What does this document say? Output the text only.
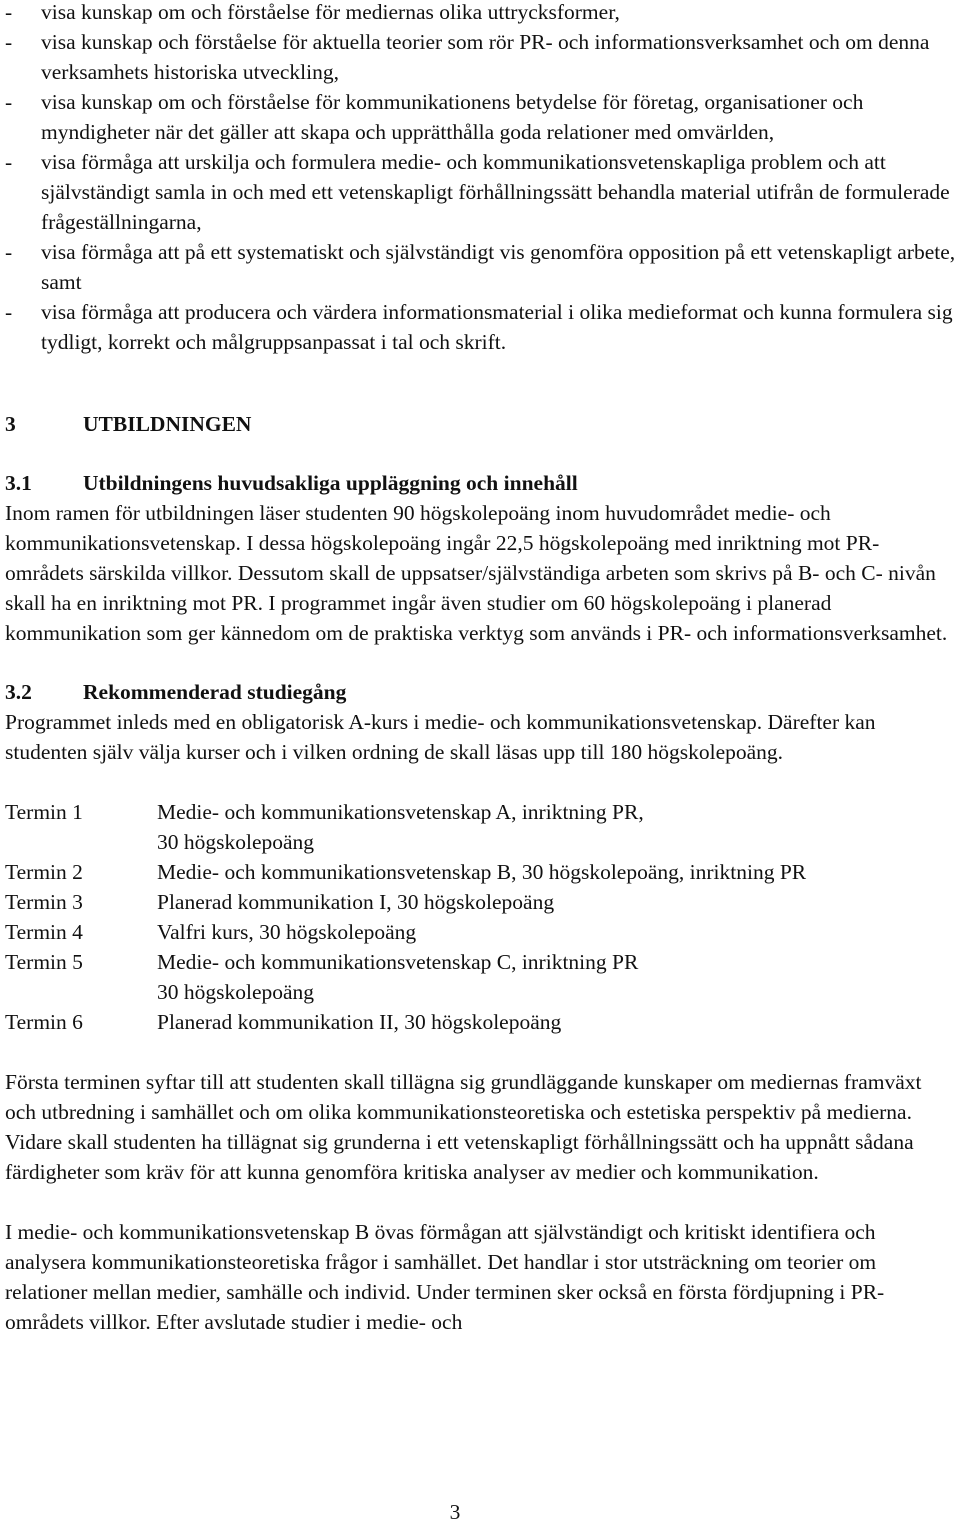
- visa kunskap om och förståelse för mediernas olika uttrycksformer,
- visa kunskap och förståelse för aktuella teorier som rör PR- och informationsverksamhet och om denna verksamhets historiska utveckling,
- visa kunskap om och förståelse för kommunikationens betydelse för företag, organisationer och myndigheter när det gäller att skapa och upprätthålla goda relationer med omvärlden,
- visa förmåga att urskilja och formulera medie- och kommunikationsvetenskapliga problem och att självständigt samla in och med ett vetenskapligt förhållningssätt behandla material utifrån de formulerade frågeställningarna,
- visa förmåga att på ett systematiskt och självständigt vis genomföra opposition på ett vetenskapligt arbete, samt
- visa förmåga att producera och värdera informationsmaterial i olika medieformat och kunna formulera sig tydligt, korrekt och målgruppsanpassat i tal och skrift.
3	UTBILDNINGEN
3.1 Utbildningens huvudsakliga uppläggning och innehåll

Inom ramen för utbildningen läser studenten 90 högskolepoäng inom huvudområdet medie- och kommunikationsvetenskap. I dessa högskolepoäng ingår 22,5 högskolepoäng med inriktning mot PR-områdets särskilda villkor. Dessutom skall de uppsatser/självständiga arbeten som skrivs på B- och C- nivån skall ha en inriktning mot PR. I programmet ingår även studier om 60 högskolepoäng i planerad kommunikation som ger kännedom om de praktiska verktyg som används i PR- och informationsverksamhet.

3.2 Rekommenderad studiegång

Programmet inleds med en obligatorisk A-kurs i medie- och kommunikationsvetenskap. Därefter kan studenten själv välja kurser och i vilken ordning de skall läsas upp till 180 högskolepoäng.

Termin 1	Medie- och kommunikationsvetenskap A, inriktning PR,
30 högskolepoäng
Termin 2	Medie- och kommunikationsvetenskap B, 30 högskolepoäng, inriktning PR
Termin 3	Planerad kommunikation I, 30 högskolepoäng
Termin 4	Valfri kurs, 30 högskolepoäng
Termin 5	Medie- och kommunikationsvetenskap C, inriktning PR
30 högskolepoäng
Termin 6	Planerad kommunikation II, 30 högskolepoäng

Första terminen syftar till att studenten skall tillägna sig grundläggande kunskaper om mediernas framväxt och utbredning i samhället och om olika kommunikationsteoretiska och estetiska perspektiv på medierna. Vidare skall studenten ha tillägnat sig grunderna i ett vetenskapligt förhållningssätt och ha uppnått sådana färdigheter som kräv för att kunna genomföra kritiska analyser av medier och kommunikation.

I medie- och kommunikationsvetenskap B övas förmågan att självständigt och kritiskt identifiera och analysera kommunikationsteoretiska frågor i samhället. Det handlar i stor utsträckning om teorier om relationer mellan medier, samhälle och individ. Under terminen sker också en första fördjupning i PR-områdets villkor. Efter avslutade studier i medie- och

3
